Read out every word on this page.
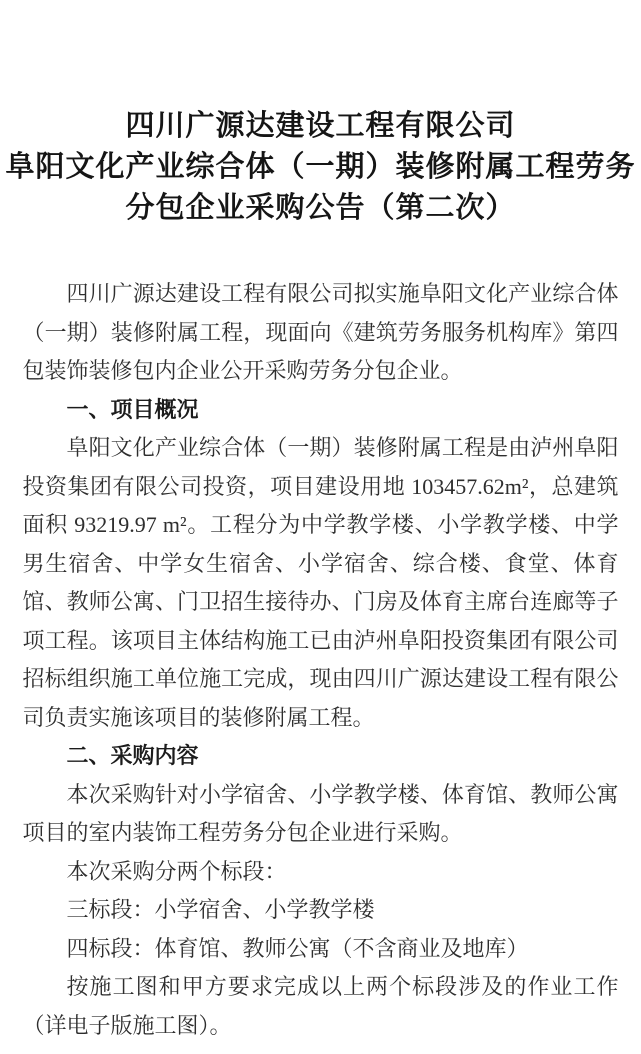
四川广源达建设工程有限公司
阜阳文化产业综合体（一期）装修附属工程劳务
分包企业采购公告（第二次）

四川广源达建设工程有限公司拟实施阜阳文化产业综合体（一期）装修附属工程，现面向《建筑劳务服务机构库》第四包装饰装修包内企业公开采购劳务分包企业。

一、项目概况

阜阳文化产业综合体（一期）装修附属工程是由泸州阜阳投资集团有限公司投资，项目建设用地 103457.62m²，总建筑面积 93219.97 m²。工程分为中学教学楼、小学教学楼、中学男生宿舍、中学女生宿舍、小学宿舍、综合楼、食堂、体育馆、教师公寓、门卫招生接待办、门房及体育主席台连廊等子项工程。该项目主体结构施工已由泸州阜阳投资集团有限公司招标组织施工单位施工完成，现由四川广源达建设工程有限公司负责实施该项目的装修附属工程。

二、采购内容

本次采购针对小学宿舍、小学教学楼、体育馆、教师公寓项目的室内装饰工程劳务分包企业进行采购。

本次采购分两个标段：

三标段：小学宿舍、小学教学楼

四标段：体育馆、教师公寓（不含商业及地库）

按施工图和甲方要求完成以上两个标段涉及的作业工作（详电子版施工图）。
